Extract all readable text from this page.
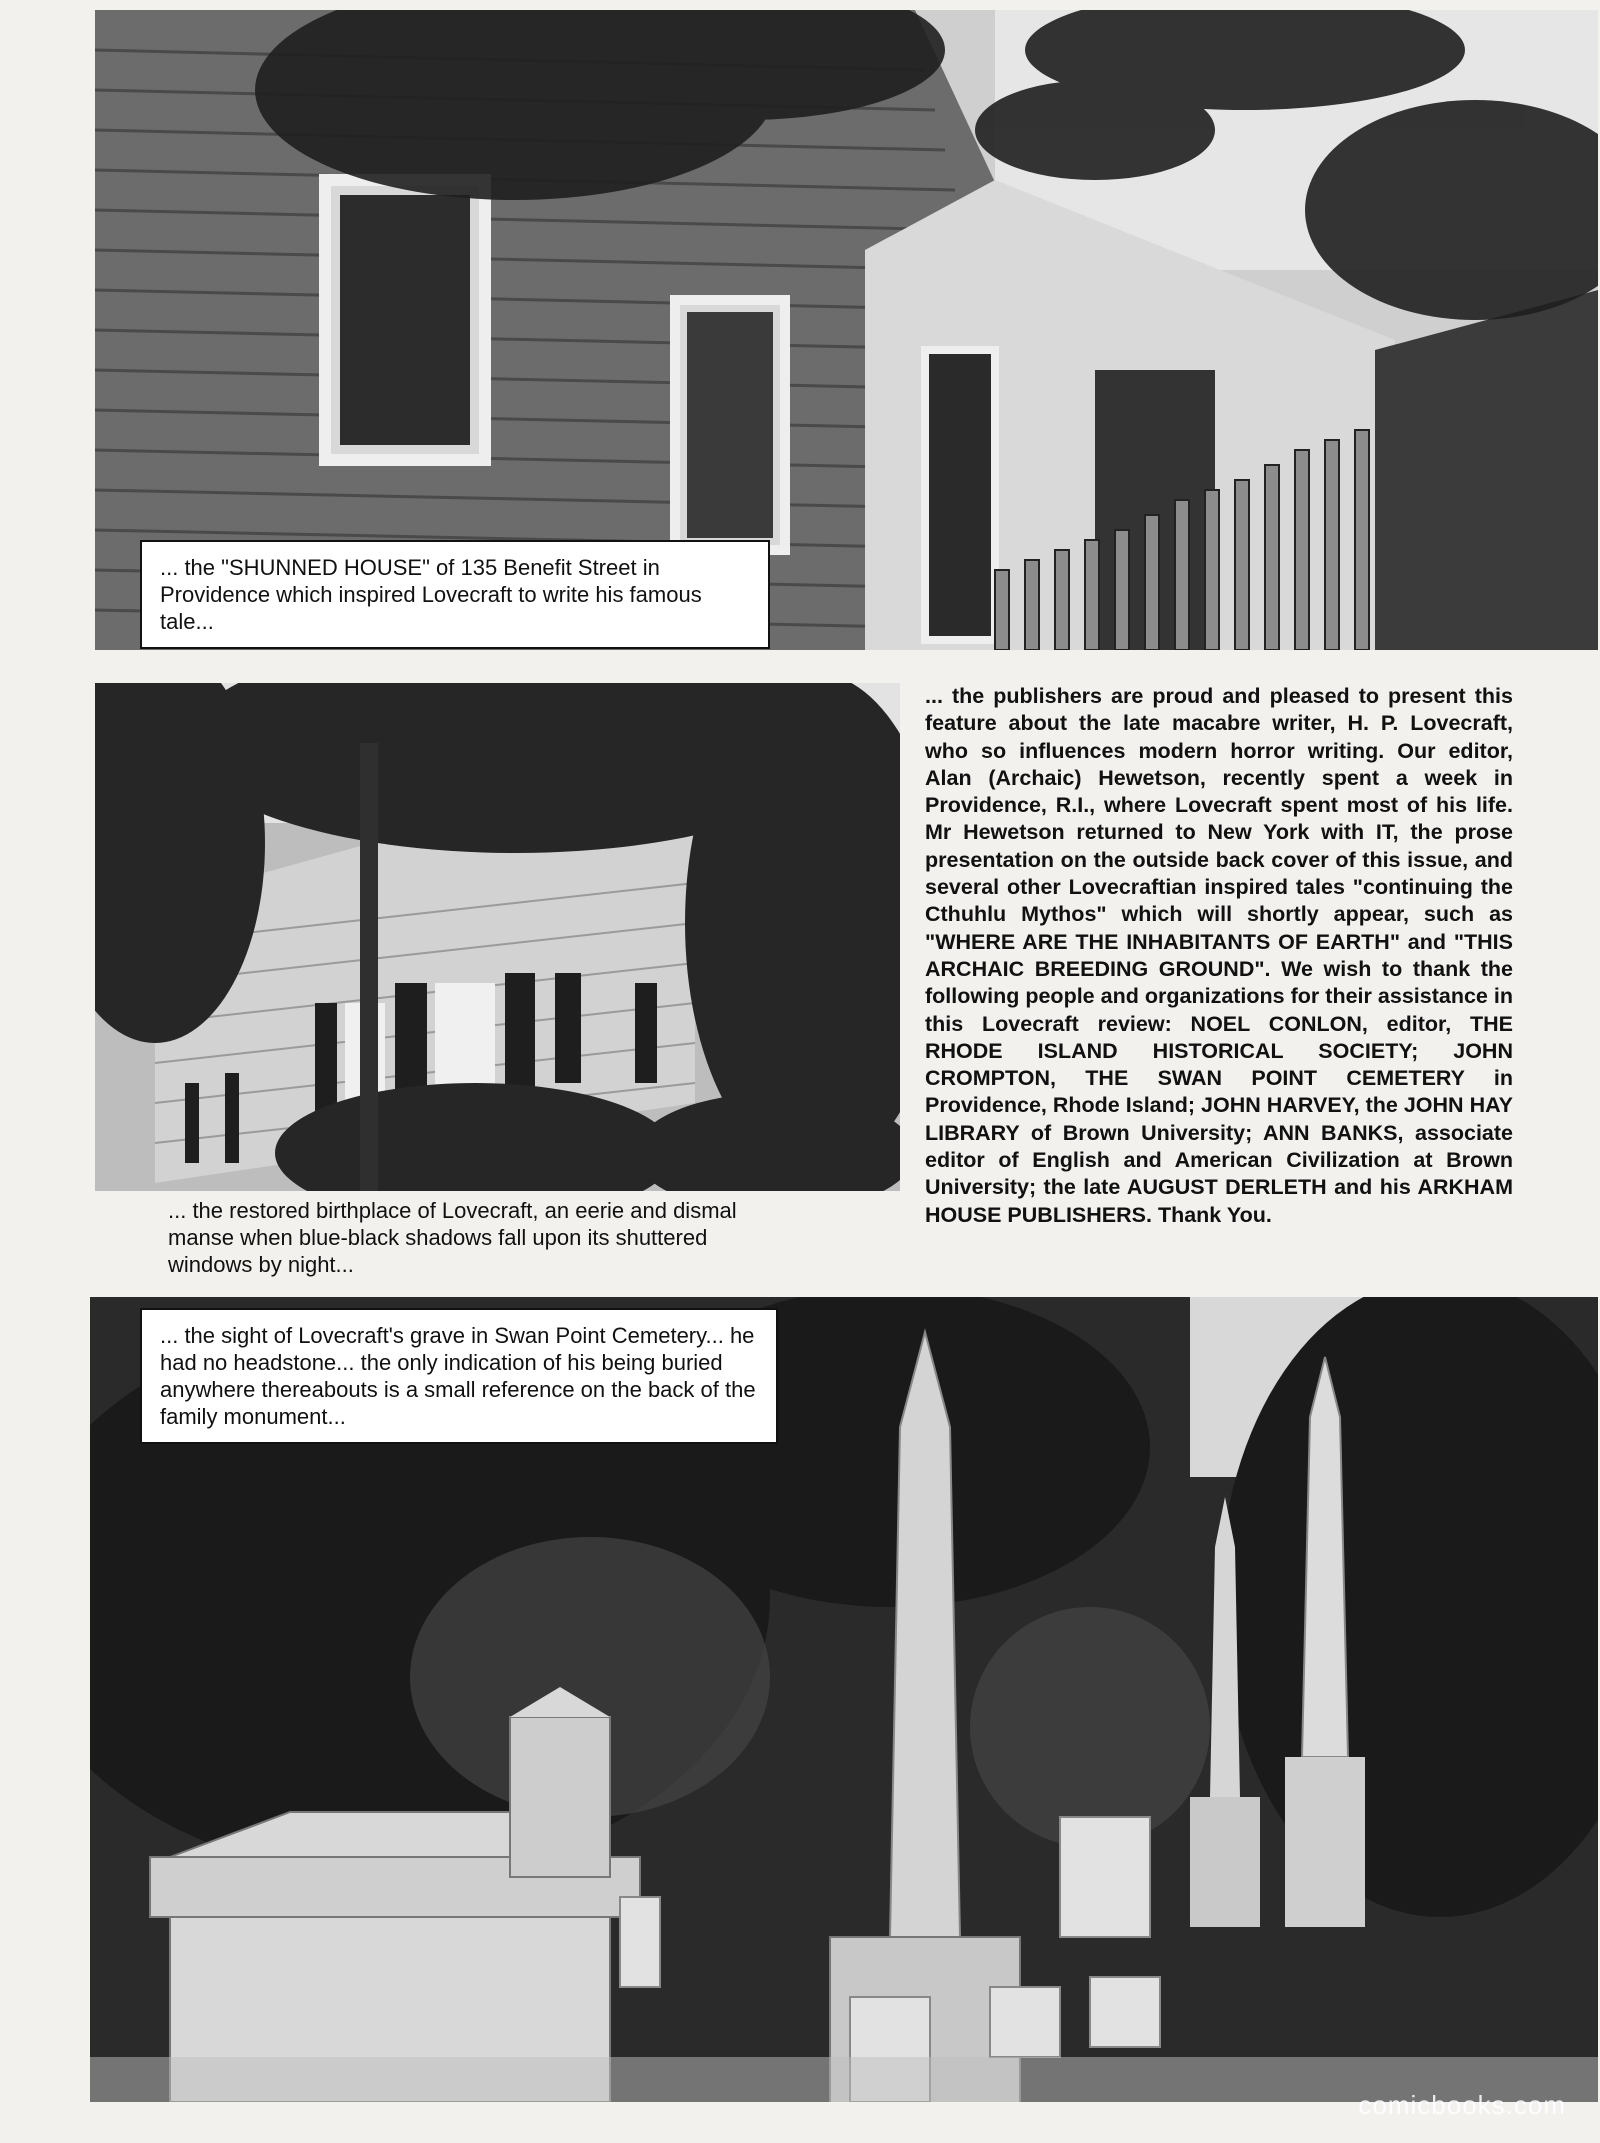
... the "SHUNNED HOUSE" of 135 Benefit Street in Providence which inspired Lovecraft to write his famous tale...

... the restored birthplace of Lovecraft, an eerie and dismal manse when blue-black shadows fall upon its shuttered windows by night...

... the publishers are proud and pleased to present this feature about the late macabre writer, H. P. Lovecraft, who so influences modern horror writing. Our editor, Alan (Archaic) Hewetson, recently spent a week in Providence, R.I., where Lovecraft spent most of his life. Mr Hewetson returned to New York with IT, the prose presentation on the outside back cover of this issue, and several other Lovecraftian inspired tales "continuing the Cthuhlu Mythos" which will shortly appear, such as "WHERE ARE THE INHABITANTS OF EARTH" and "THIS ARCHAIC BREEDING GROUND". We wish to thank the following people and organizations for their assistance in this Lovecraft review: NOEL CONLON, editor, THE RHODE ISLAND HISTORICAL SOCIETY; JOHN CROMPTON, THE SWAN POINT CEMETERY in Providence, Rhode Island; JOHN HARVEY, the JOHN HAY LIBRARY of Brown University; ANN BANKS, associate editor of English and American Civilization at Brown University; the late AUGUST DERLETH and his ARKHAM HOUSE PUBLISHERS. Thank You.

... the sight of Lovecraft's grave in Swan Point Cemetery... he had no headstone... the only indication of his being buried anywhere thereabouts is a small reference on the back of the family monument...

comicbooks.com
